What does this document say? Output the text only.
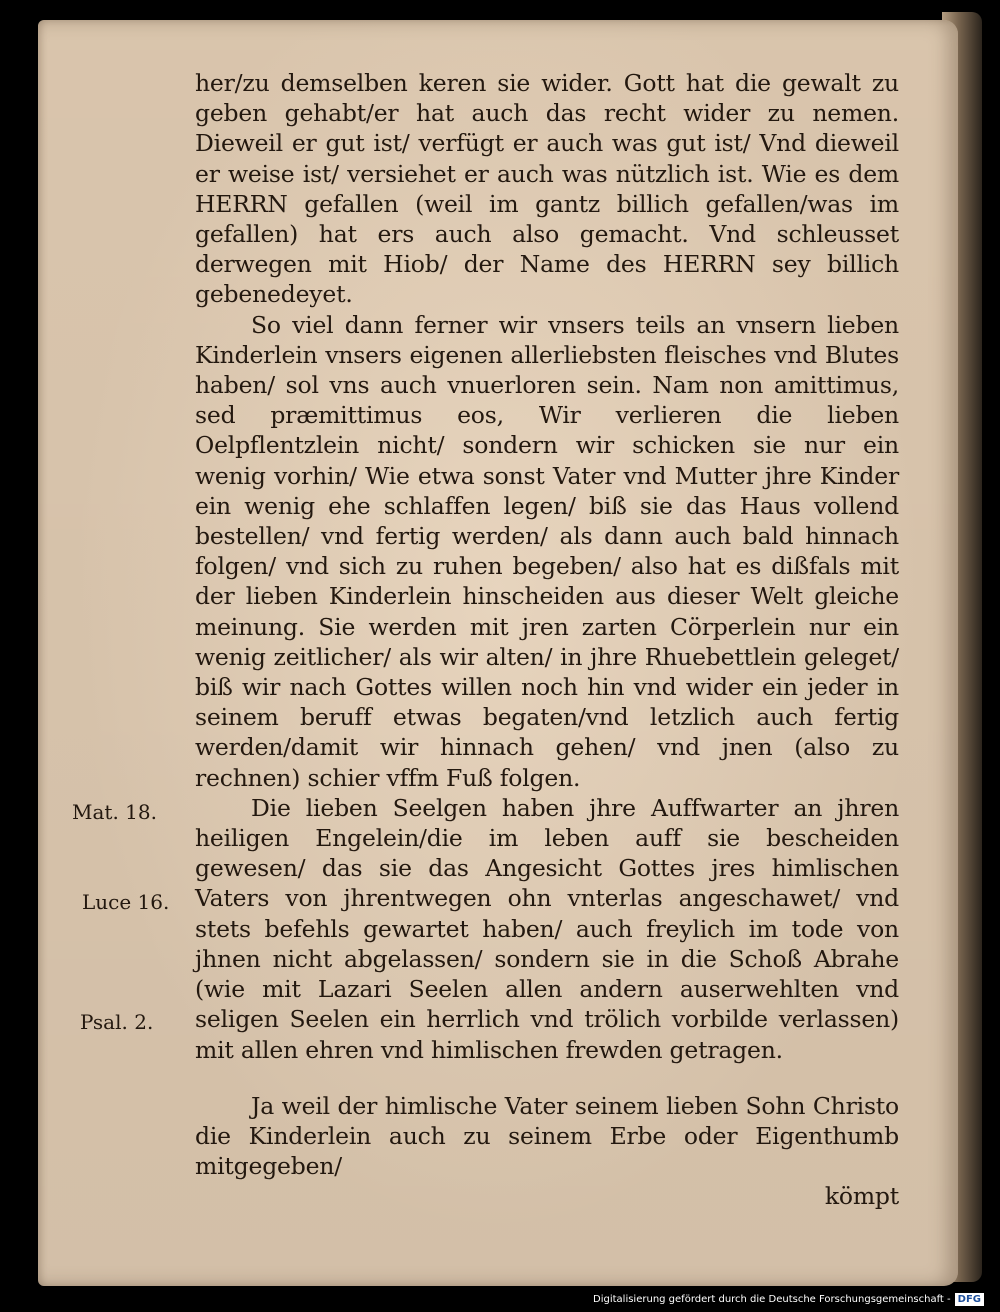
her/zu demselben keren sie wider. Gott hat die gewalt zu geben gehabt/er hat auch das recht wider zu nemen. Dieweil er gut ist/ verfügt er auch was gut ist/ Vnd dieweil er weise ist/ versiehet er auch was nützlich ist. Wie es dem HERRN gefallen (weil im gantz billich gefallen/was im gefallen) hat ers auch also gemacht. Vnd schleusset derwegen mit Hiob/ der Name des HERRN sey billich gebenedeyet.

So viel dann ferner wir vnsers teils an vnsern lieben Kinderlein vnsers eigenen allerliebsten fleisches vnd Blutes haben/ sol vns auch vnuerloren sein. Nam non amittimus, sed præmittimus eos, Wir verlieren die lieben Oelpflentzlein nicht/ sondern wir schicken sie nur ein wenig vorhin/ Wie etwa sonst Vater vnd Mutter jhre Kinder ein wenig ehe schlaffen legen/ biß sie das Haus vollend bestellen/ vnd fertig werden/ als dann auch bald hinnach folgen/ vnd sich zu ruhen begeben/ also hat es dißfals mit der lieben Kinderlein hinscheiden aus dieser Welt gleiche meinung. Sie werden mit jren zarten Cörperlein nur ein wenig zeitlicher/ als wir alten/ in jhre Rhuebettlein geleget/ biß wir nach Gottes willen noch hin vnd wider ein jeder in seinem beruff etwas begaten/vnd letzlich auch fertig werden/damit wir hinnach gehen/ vnd jnen (also zu rechnen) schier vffm Fuß folgen.

Die lieben Seelgen haben jhre Auffwarter an jhren heiligen Engelein/die im leben auff sie bescheiden gewesen/ das sie das Angesicht Gottes jres himlischen Vaters von jhrentwegen ohn vnterlas angeschawet/ vnd stets befehls gewartet haben/ auch freylich im tode von jhnen nicht abgelassen/ sondern sie in die Schoß Abrahe (wie mit Lazari Seelen allen andern auserwehlten vnd seligen Seelen ein herrlich vnd trölich vorbilde verlassen) mit allen ehren vnd himlischen frewden getragen.

Ja weil der himlische Vater seinem lieben Sohn Christo die Kinderlein auch zu seinem Erbe oder Eigenthumb mitgegeben/

kömpt
Mat. 18.
Luce 16.
Psal. 2.
Digitalisierung gefördert durch die Deutsche Forschungsgemeinschaft - DFG
